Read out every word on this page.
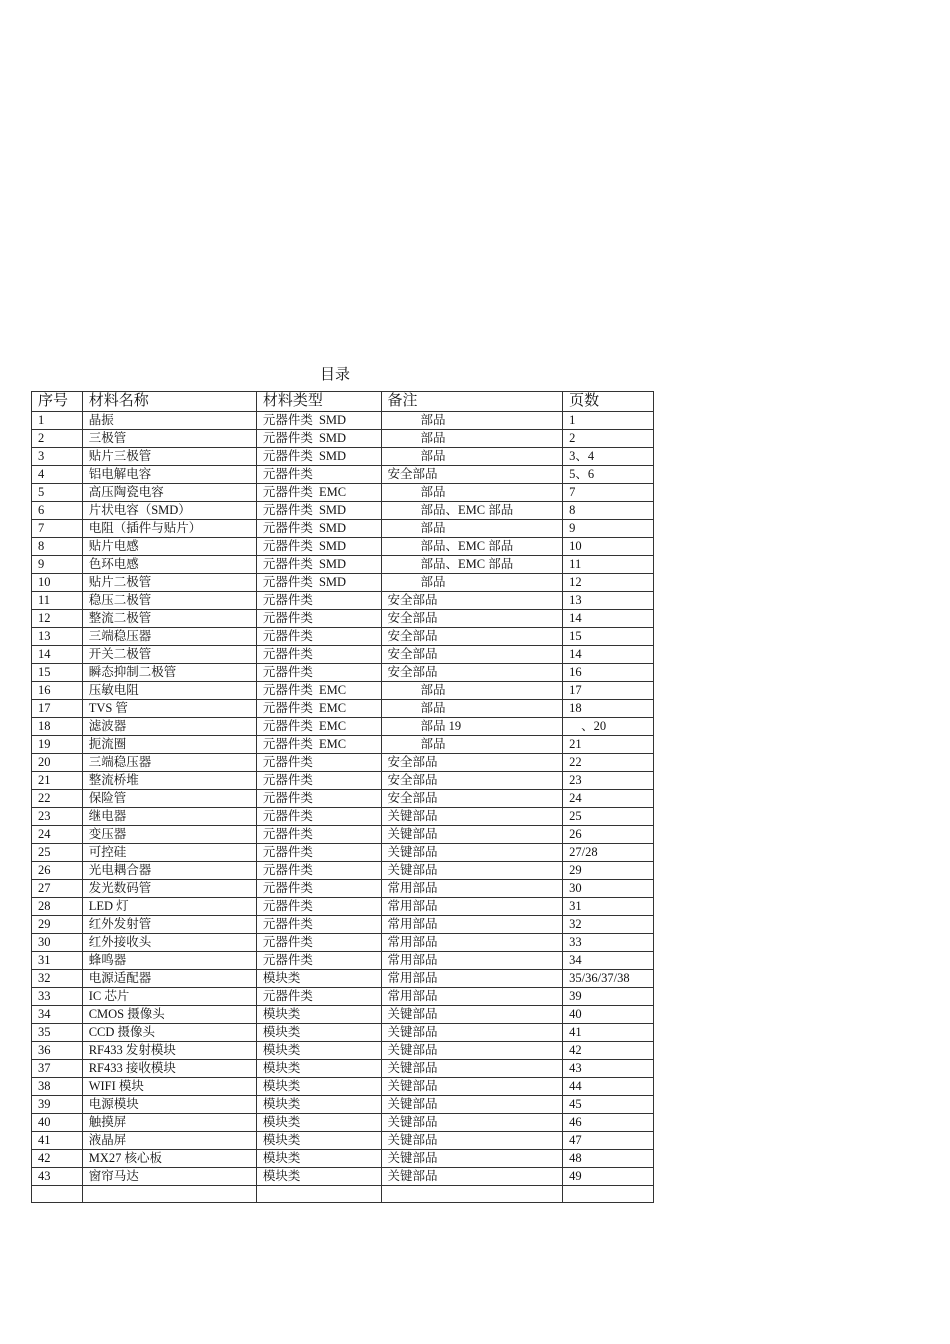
目录
序号	材料名称	材料类型	备注	页数
1	晶振	元器件类 SMD	部品	1
2	三极管	元器件类 SMD	部品	2
3	贴片三极管	元器件类 SMD	部品	3、4
4	铝电解电容	元器件类	安全部品	5、6
5	高压陶瓷电容	元器件类 EMC	部品	7
6	片状电容（SMD）	元器件类 SMD	部品、EMC 部品	8
7	电阻（插件与贴片）	元器件类 SMD	部品	9
8	贴片电感	元器件类 SMD	部品、EMC 部品	10
9	色环电感	元器件类 SMD	部品、EMC 部品	11
10	贴片二极管	元器件类 SMD	部品	12
11	稳压二极管	元器件类	安全部品	13
12	整流二极管	元器件类	安全部品	14
13	三端稳压器	元器件类	安全部品	15
14	开关二极管	元器件类	安全部品	14
15	瞬态抑制二极管	元器件类	安全部品	16
16	压敏电阻	元器件类 EMC	部品	17
17	TVS 管	元器件类 EMC	部品	18
18	滤波器	元器件类 EMC	部品 19	、20
19	扼流圈	元器件类 EMC	部品	21
20	三端稳压器	元器件类	安全部品	22
21	整流桥堆	元器件类	安全部品	23
22	保险管	元器件类	安全部品	24
23	继电器	元器件类	关键部品	25
24	变压器	元器件类	关键部品	26
25	可控硅	元器件类	关键部品	27/28
26	光电耦合器	元器件类	关键部品	29
27	发光数码管	元器件类	常用部品	30
28	LED 灯	元器件类	常用部品	31
29	红外发射管	元器件类	常用部品	32
30	红外接收头	元器件类	常用部品	33
31	蜂鸣器	元器件类	常用部品	34
32	电源适配器	模块类	常用部品	35/36/37/38
33	IC 芯片	元器件类	常用部品	39
34	CMOS 摄像头	模块类	关键部品	40
35	CCD 摄像头	模块类	关键部品	41
36	RF433 发射模块	模块类	关键部品	42
37	RF433 接收模块	模块类	关键部品	43
38	WIFI 模块	模块类	关键部品	44
39	电源模块	模块类	关键部品	45
40	触摸屏	模块类	关键部品	46
41	液晶屏	模块类	关键部品	47
42	MX27 核心板	模块类	关键部品	48
43	窗帘马达	模块类	关键部品	49
